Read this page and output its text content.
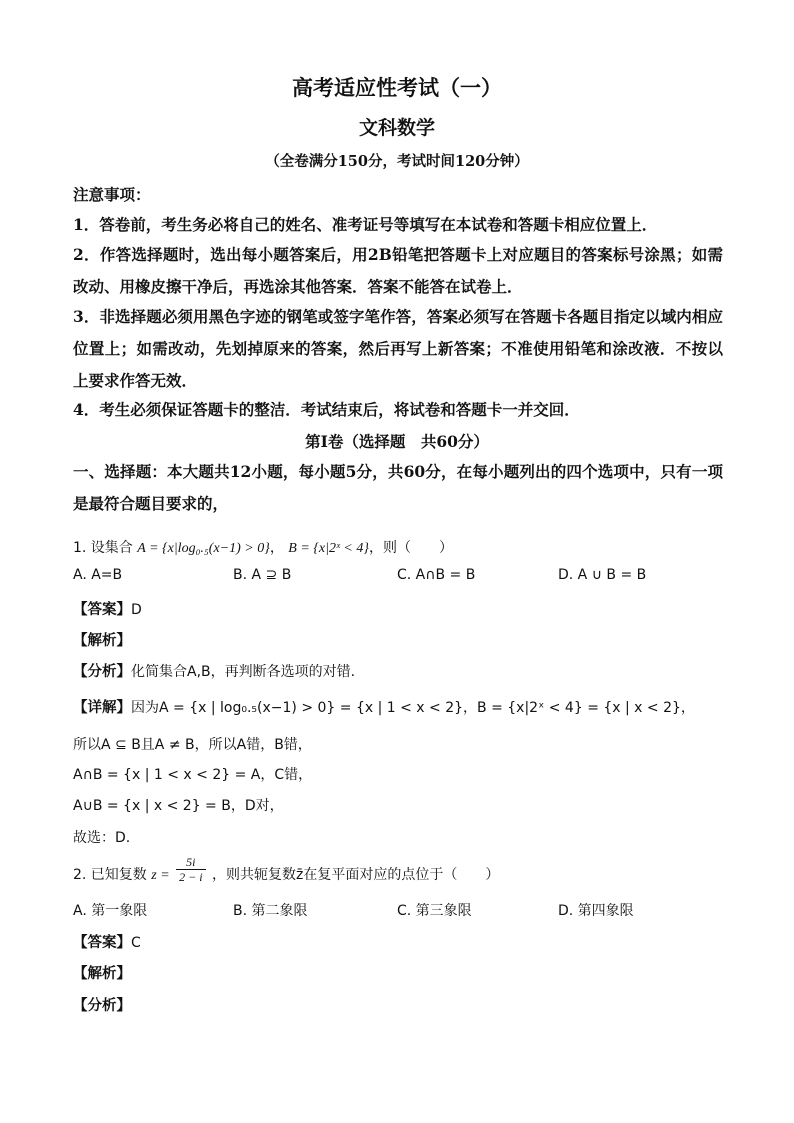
高考适应性考试（一）
文科数学
（全卷满分150分，考试时间120分钟）
注意事项：
1．答卷前，考生务必将自己的姓名、准考证号等填写在本试卷和答题卡相应位置上．
2．作答选择题时，选出每小题答案后，用2B铅笔把答题卡上对应题目的答案标号涂黑；如需改动、用橡皮擦干净后，再选涂其他答案．答案不能答在试卷上．
3．非选择题必须用黑色字迹的钢笔或签字笔作答，答案必须写在答题卡各题目指定以域内相应位置上；如需改动，先划掉原来的答案，然后再写上新答案；不准使用铅笔和涂改液．不按以上要求作答无效．
4．考生必须保证答题卡的整洁．考试结束后，将试卷和答题卡一并交回．
第Ⅰ卷（选择题　共60分）
一、选择题：本大题共12小题，每小题5分，共60分，在每小题列出的四个选项中，只有一项是最符合题目要求的，
1. 设集合 A = {x|log₀.₅(x−1) > 0}， B = {x|2ˣ < 4}，则（　　）
A. A=B	B. A ⊇ B	C. A∩B = B	D. A ∪ B = B
【答案】D
【解析】
【分析】化简集合A,B，再判断各选项的对错.
【详解】因为A = {x | log₀.₅(x−1) > 0} = {x | 1 < x < 2}，B = {x|2ˣ < 4} = {x | x < 2}，
所以A ⊆ B且A ≠ B，所以A错，B错，
A∩B = {x | 1 < x < 2} = A，C错，
A∪B = {x | x < 2} = B，D对，
故选：D.
2. 已知复数 $z = \frac{5i}{2 - i}$ ，则共轭复数z̄在复平面对应的点位于（　　）
A. 第一象限	B. 第二象限	C. 第三象限	D. 第四象限
【答案】C
【解析】
【分析】
